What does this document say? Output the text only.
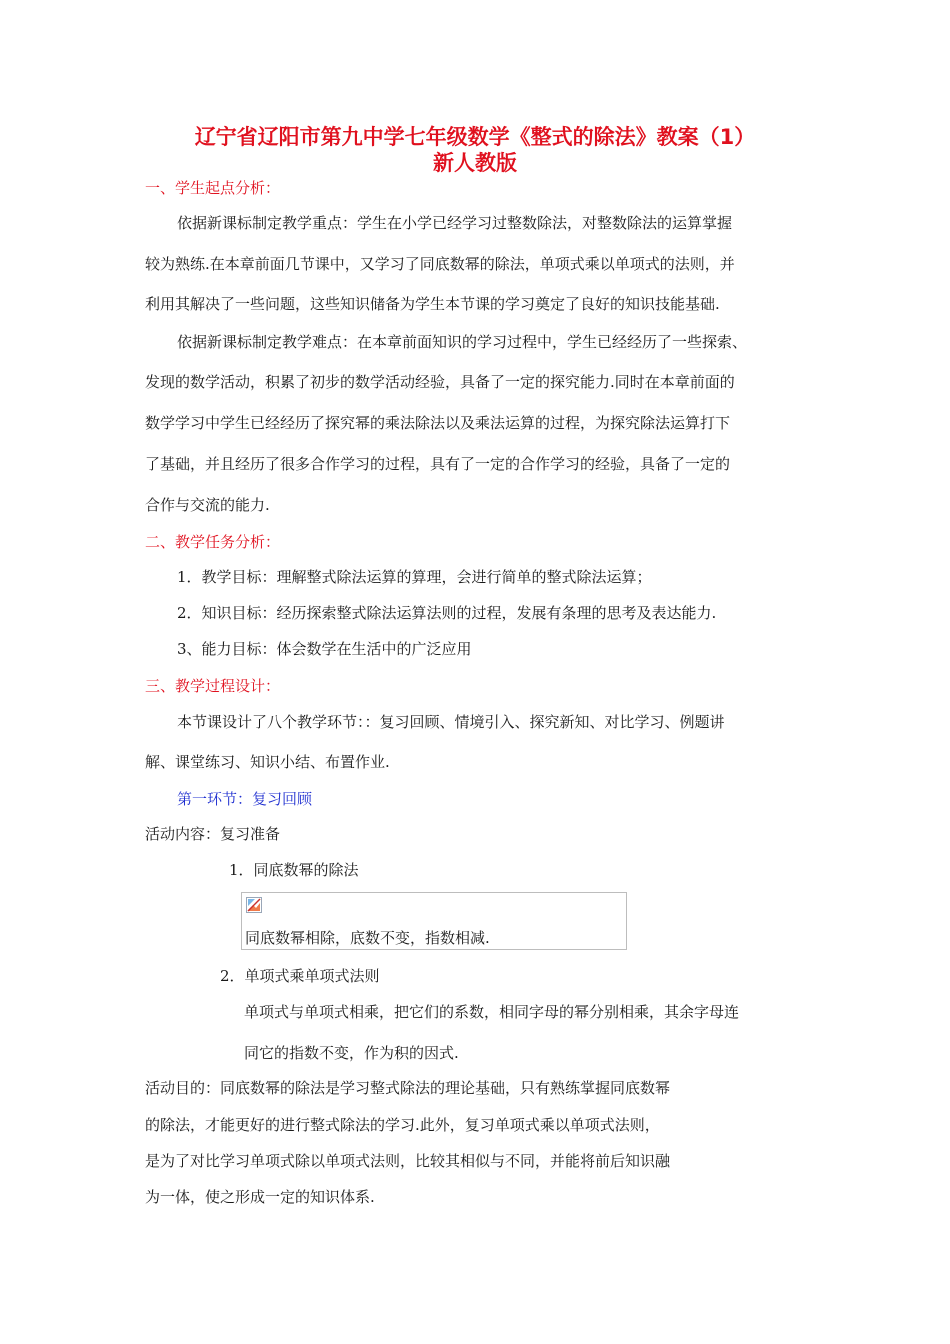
辽宁省辽阳市第九中学七年级数学《整式的除法》教案（1）
新人教版
一、学生起点分析：
依据新课标制定教学重点：学生在小学已经学习过整数除法，对整数除法的运算掌握
较为熟练.在本章前面几节课中，又学习了同底数幂的除法，单项式乘以单项式的法则，并
利用其解决了一些问题，这些知识储备为学生本节课的学习奠定了良好的知识技能基础.
依据新课标制定教学难点：在本章前面知识的学习过程中，学生已经经历了一些探索、
发现的数学活动，积累了初步的数学活动经验，具备了一定的探究能力.同时在本章前面的
数学学习中学生已经经历了探究幂的乘法除法以及乘法运算的过程，为探究除法运算打下
了基础，并且经历了很多合作学习的过程，具有了一定的合作学习的经验，具备了一定的
合作与交流的能力.
二、教学任务分析：
1．教学目标：理解整式除法运算的算理，会进行简单的整式除法运算；
2．知识目标：经历探索整式除法运算法则的过程，发展有条理的思考及表达能力.
3、能力目标：体会数学在生活中的广泛应用
三、教学过程设计：
本节课设计了八个教学环节：：复习回顾、情境引入、探究新知、对比学习、例题讲
解、课堂练习、知识小结、布置作业.
第一环节：复习回顾
活动内容：复习准备
1．同底数幂的除法
同底数幂相除，底数不变，指数相减.
2．单项式乘单项式法则
单项式与单项式相乘，把它们的系数，相同字母的幂分别相乘，其余字母连
同它的指数不变，作为积的因式.
活动目的：同底数幂的除法是学习整式除法的理论基础，只有熟练掌握同底数幂
的除法，才能更好的进行整式除法的学习.此外，复习单项式乘以单项式法则，
是为了对比学习单项式除以单项式法则，比较其相似与不同，并能将前后知识融
为一体，使之形成一定的知识体系.
